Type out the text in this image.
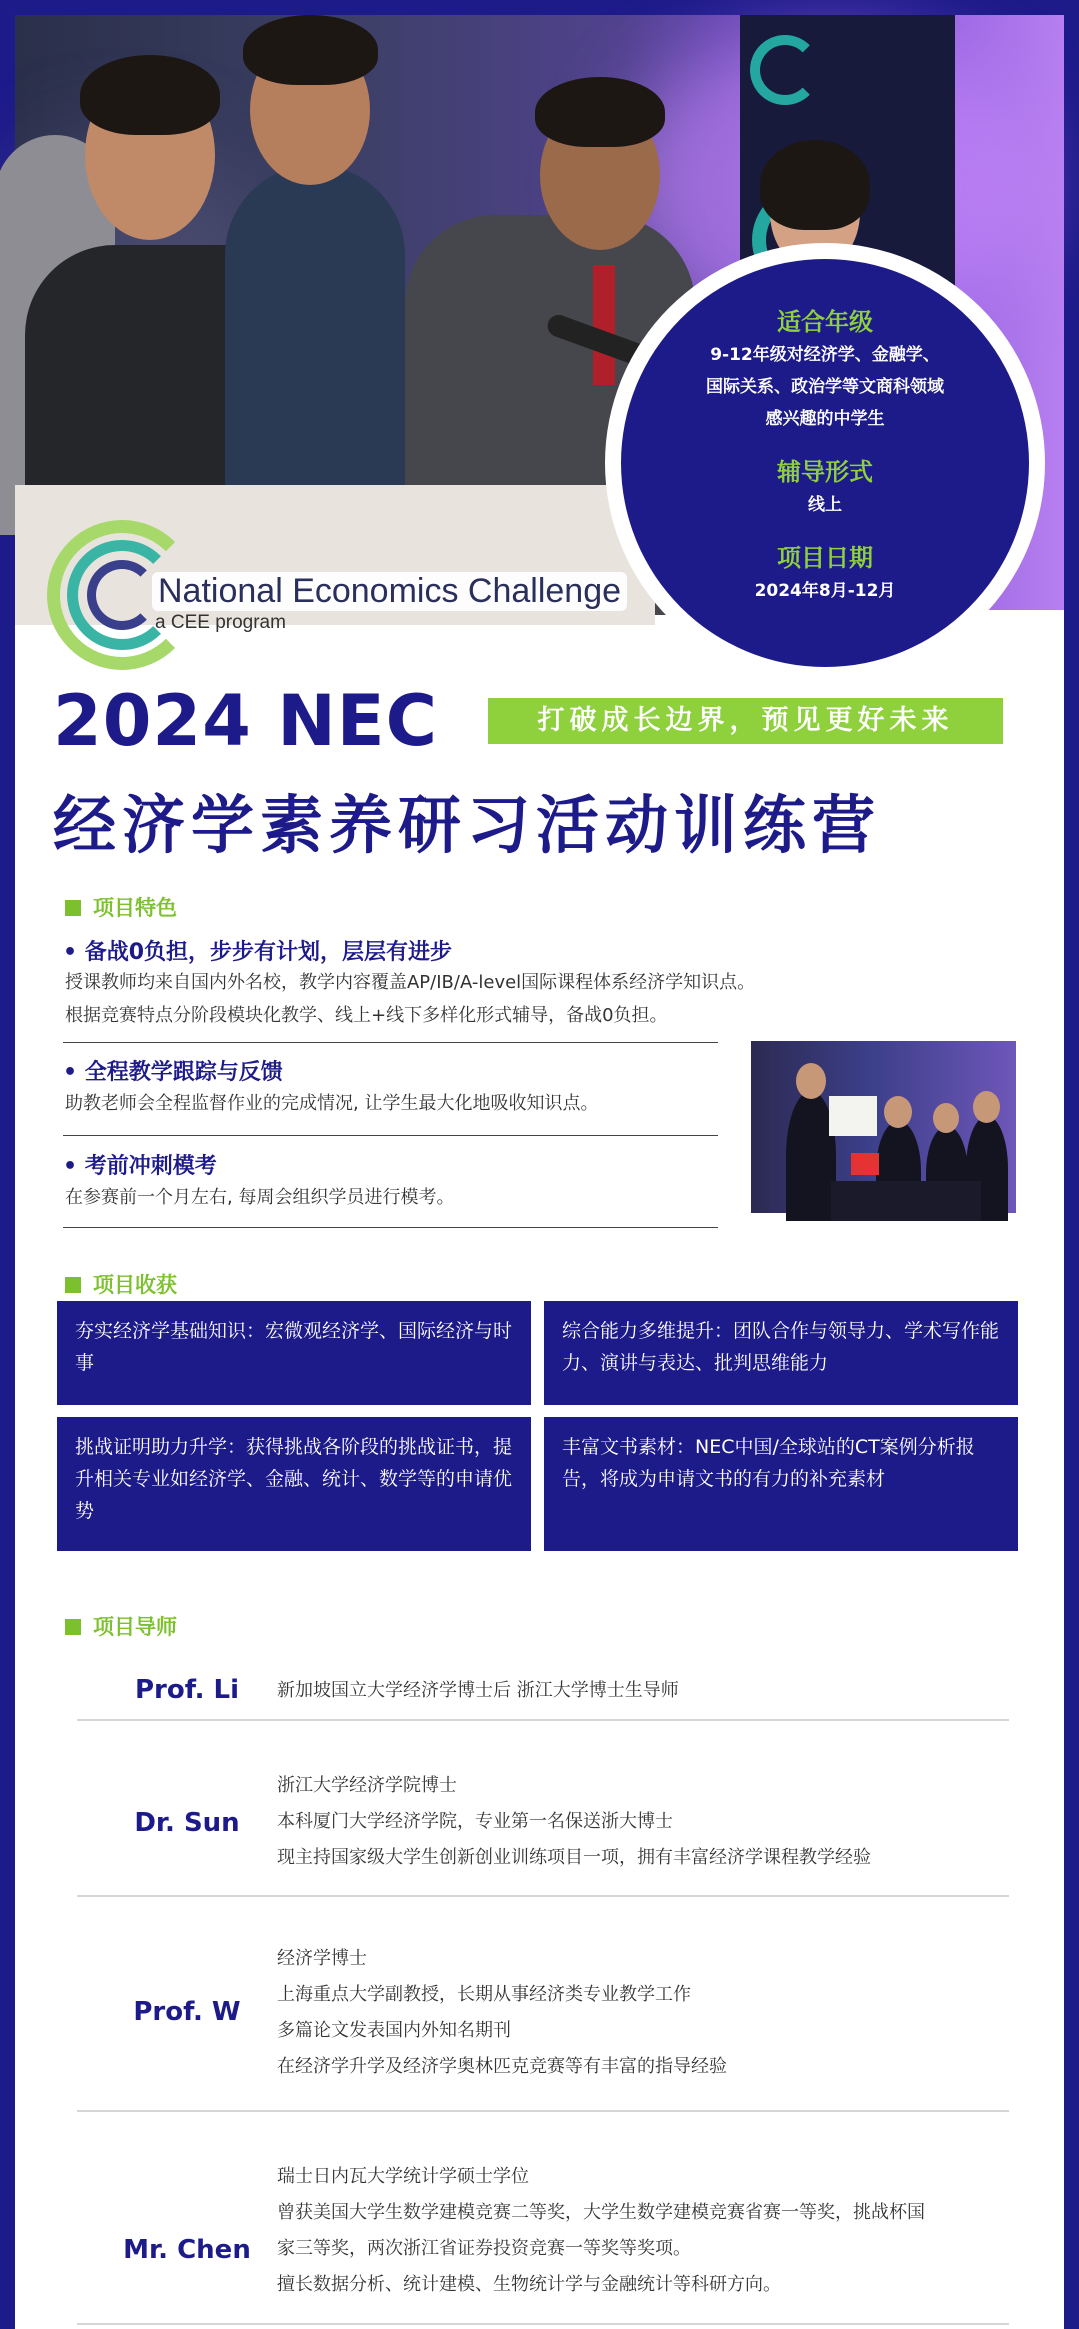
National Economics Challenge
a CEE program
适合年级
9-12年级对经济学、金融学、
国际关系、政治学等文商科领域
感兴趣的中学生
辅导形式
线上
项目日期
2024年8月-12月
2024 NEC	打破成长边界，预见更好未来
经济学素养研习活动训练营
项目特色
• 备战0负担，步步有计划，层层有进步
授课教师均来自国内外名校，教学内容覆盖AP/IB/A-level国际课程体系经济学知识点。
根据竞赛特点分阶段模块化教学、线上+线下多样化形式辅导，备战0负担。
• 全程教学跟踪与反馈
助教老师会全程监督作业的完成情况, 让学生最大化地吸收知识点。
• 考前冲刺模考
在参赛前一个月左右, 每周会组织学员进行模考。
项目收获
夯实经济学基础知识：宏微观经济学、国际经济与时事
综合能力多维提升：团队合作与领导力、学术写作能力、演讲与表达、批判思维能力
挑战证明助力升学：获得挑战各阶段的挑战证书，提升相关专业如经济学、金融、统计、数学等的申请优势
丰富文书素材：NEC中国/全球站的CT案例分析报告，将成为申请文书的有力的补充素材
项目导师
Prof. Li	新加坡国立大学经济学博士后 浙江大学博士生导师
Dr. Sun
浙江大学经济学院博士
本科厦门大学经济学院，专业第一名保送浙大博士
现主持国家级大学生创新创业训练项目一项，拥有丰富经济学课程教学经验
Prof. W
经济学博士
上海重点大学副教授，长期从事经济类专业教学工作
多篇论文发表国内外知名期刊
在经济学升学及经济学奥林匹克竞赛等有丰富的指导经验
Mr. Chen
瑞士日内瓦大学统计学硕士学位
曾获美国大学生数学建模竞赛二等奖，大学生数学建模竞赛省赛一等奖，挑战杯国
家三等奖，两次浙江省证券投资竞赛一等奖等奖项。
擅长数据分析、统计建模、生物统计学与金融统计等科研方向。
